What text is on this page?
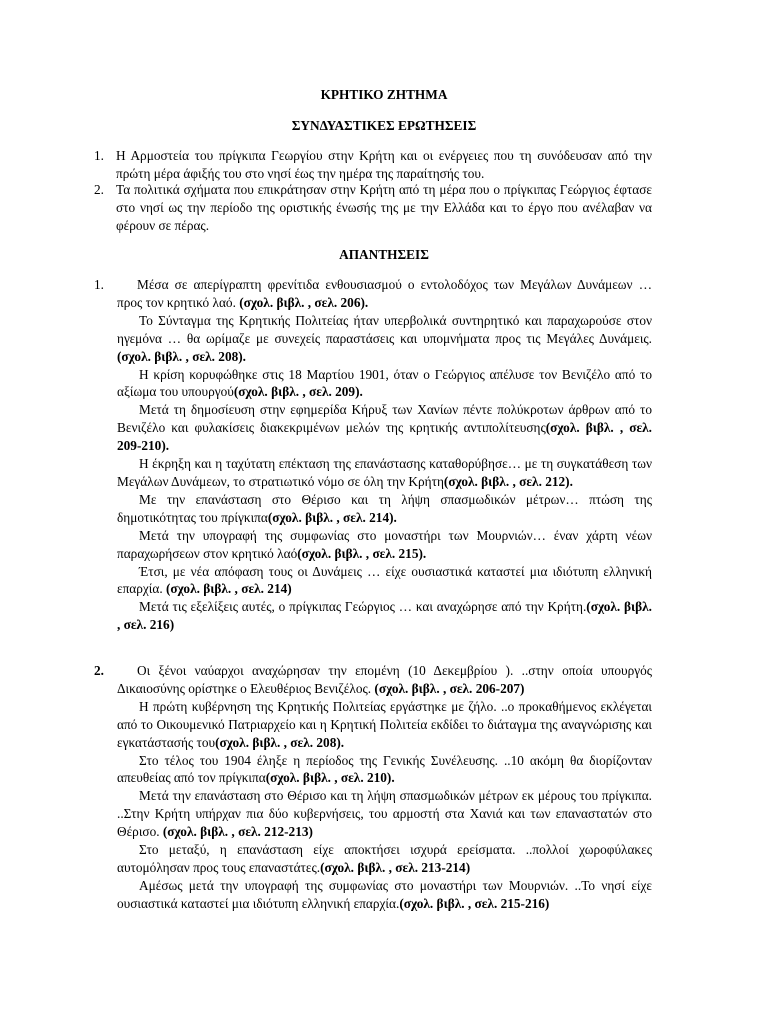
ΚΡΗΤΙΚΟ ΖΗΤΗΜΑ
ΣΥΝΔΥΑΣΤΙΚΕΣ ΕΡΩΤΗΣΕΙΣ
1. Η Αρμοστεία του πρίγκιπα Γεωργίου στην Κρήτη και οι ενέργειες που τη συνόδευσαν από την πρώτη μέρα άφιξής του στο νησί έως την ημέρα της παραίτησής του.
2. Τα πολιτικά σχήματα που επικράτησαν στην Κρήτη από τη μέρα που ο πρίγκιπας Γεώργιος έφτασε στο νησί ως την περίοδο της οριστικής ένωσής της με την Ελλάδα και το έργο που ανέλαβαν να φέρουν σε πέρας.
ΑΠΑΝΤΗΣΕΙΣ
1.	Μέσα σε απερίγραπτη φρενίτιδα ενθουσιασμού ο εντολοδόχος των Μεγάλων Δυνάμεων … προς τον κρητικό λαό. (σχολ. βιβλ. , σελ. 206).

Το Σύνταγμα της Κρητικής Πολιτείας ήταν υπερβολικά συντηρητικό και παραχωρούσε στον ηγεμόνα … θα ωρίμαζε με συνεχείς παραστάσεις και υπομνήματα προς τις Μεγάλες Δυνάμεις. (σχολ. βιβλ. , σελ. 208).

Η κρίση κορυφώθηκε στις 18 Μαρτίου 1901, όταν ο Γεώργιος απέλυσε τον Βενιζέλο από το αξίωμα του υπουργού(σχολ. βιβλ. , σελ. 209).

Μετά τη δημοσίευση στην εφημερίδα Κήρυξ των Χανίων πέντε πολύκροτων άρθρων από το Βενιζέλο και φυλακίσεις διακεκριμένων μελών της κρητικής αντιπολίτευσης(σχολ. βιβλ. , σελ. 209-210).

Η έκρηξη και η ταχύτατη επέκταση της επανάστασης καταθορύβησε… με τη συγκατάθεση των Μεγάλων Δυνάμεων, το στρατιωτικό νόμο σε όλη την Κρήτη(σχολ. βιβλ. , σελ. 212).

Με την επανάσταση στο Θέρισο και τη λήψη σπασμωδικών μέτρων… πτώση της δημοτικότητας του πρίγκιπα(σχολ. βιβλ. , σελ. 214).

Μετά την υπογραφή της συμφωνίας στο μοναστήρι των Μουρνιών… έναν χάρτη νέων παραχωρήσεων στον κρητικό λαό(σχολ. βιβλ. , σελ. 215).

Έτσι, με νέα απόφαση τους οι Δυνάμεις … είχε ουσιαστικά καταστεί μια ιδιότυπη ελληνική επαρχία. (σχολ. βιβλ. , σελ. 214)

Μετά τις εξελίξεις αυτές, ο πρίγκιπας Γεώργιος … και αναχώρησε από την Κρήτη.(σχολ. βιβλ. , σελ. 216)

2.	Οι ξένοι ναύαρχοι αναχώρησαν την επομένη (10 Δεκεμβρίου ). ..στην οποία υπουργός Δικαιοσύνης ορίστηκε ο Ελευθέριος Βενιζέλος. (σχολ. βιβλ. , σελ. 206-207)

Η πρώτη κυβέρνηση της Κρητικής Πολιτείας εργάστηκε με ζήλο. ..ο προκαθήμενος εκλέγεται από το Οικουμενικό Πατριαρχείο και η Κρητική Πολιτεία εκδίδει το διάταγμα της αναγνώρισης και εγκατάστασής του(σχολ. βιβλ. , σελ. 208).

Στο τέλος του 1904 έληξε η περίοδος της Γενικής Συνέλευσης. ..10 ακόμη θα διορίζονταν απευθείας από τον πρίγκιπα(σχολ. βιβλ. , σελ. 210).

Μετά την επανάσταση στο Θέρισο και τη λήψη σπασμωδικών μέτρων εκ μέρους του πρίγκιπα. ..Στην Κρήτη υπήρχαν πια δύο κυβερνήσεις, του αρμοστή στα Χανιά και των επαναστατών στο Θέρισο. (σχολ. βιβλ. , σελ. 212-213)

Στο μεταξύ, η επανάσταση είχε αποκτήσει ισχυρά ερείσματα. ..πολλοί χωροφύλακες αυτομόλησαν προς τους επαναστάτες.(σχολ. βιβλ. , σελ. 213-214)

Αμέσως μετά την υπογραφή της συμφωνίας στο μοναστήρι των Μουρνιών. ..Το νησί είχε ουσιαστικά καταστεί μια ιδιότυπη ελληνική επαρχία.(σχολ. βιβλ. , σελ. 215-216)
